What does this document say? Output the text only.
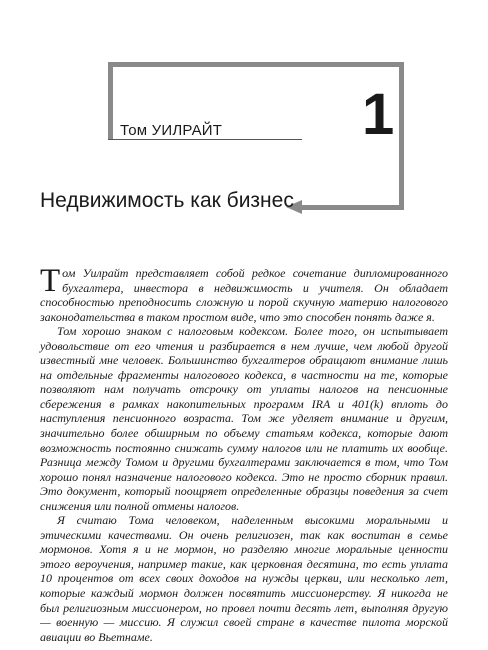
Том УИЛРАЙТ 1
Недвижимость как бизнес

Том Уилрайт представляет собой редкое сочетание дипломированного бухгалтера, инвестора в недвижимость и учителя. Он обладает способностью преподносить сложную и порой скучную материю налогового законодательства в таком простом виде, что это способен понять даже я.

Том хорошо знаком с налоговым кодексом. Более того, он испытывает удовольствие от его чтения и разбирается в нем лучше, чем любой другой известный мне человек. Большинство бухгалтеров обращают внимание лишь на отдельные фрагменты налогового кодекса, в частности на те, которые позволяют нам получать отсрочку от уплаты налогов на пенсионные сбережения в рамках накопительных программ IRA и 401(k) вплоть до наступления пенсионного возраста. Том же уделяет внимание и другим, значительно более обширным по объему статьям кодекса, которые дают возможность постоянно снижать сумму налогов или не платить их вообще. Разница между Томом и другими бухгалтерами заключается в том, что Том хорошо понял назначение налогового кодекса. Это не просто сборник правил. Это документ, который поощряет определенные образцы поведения за счет снижения или полной отмены налогов.

Я считаю Тома человеком, наделенным высокими моральными и этическими качествами. Он очень религиозен, так как воспитан в семье мормонов. Хотя я и не мормон, но разделяю многие моральные ценности этого вероучения, например такие, как церковная десятина, то есть уплата 10 процентов от всех своих доходов на нужды церкви, или несколько лет, которые каждый мормон должен посвятить миссионерству. Я никогда не был религиозным миссионером, но провел почти десять лет, выполняя другую — военную — миссию. Я служил своей стране в качестве пилота морской авиации во Вьетнаме.
